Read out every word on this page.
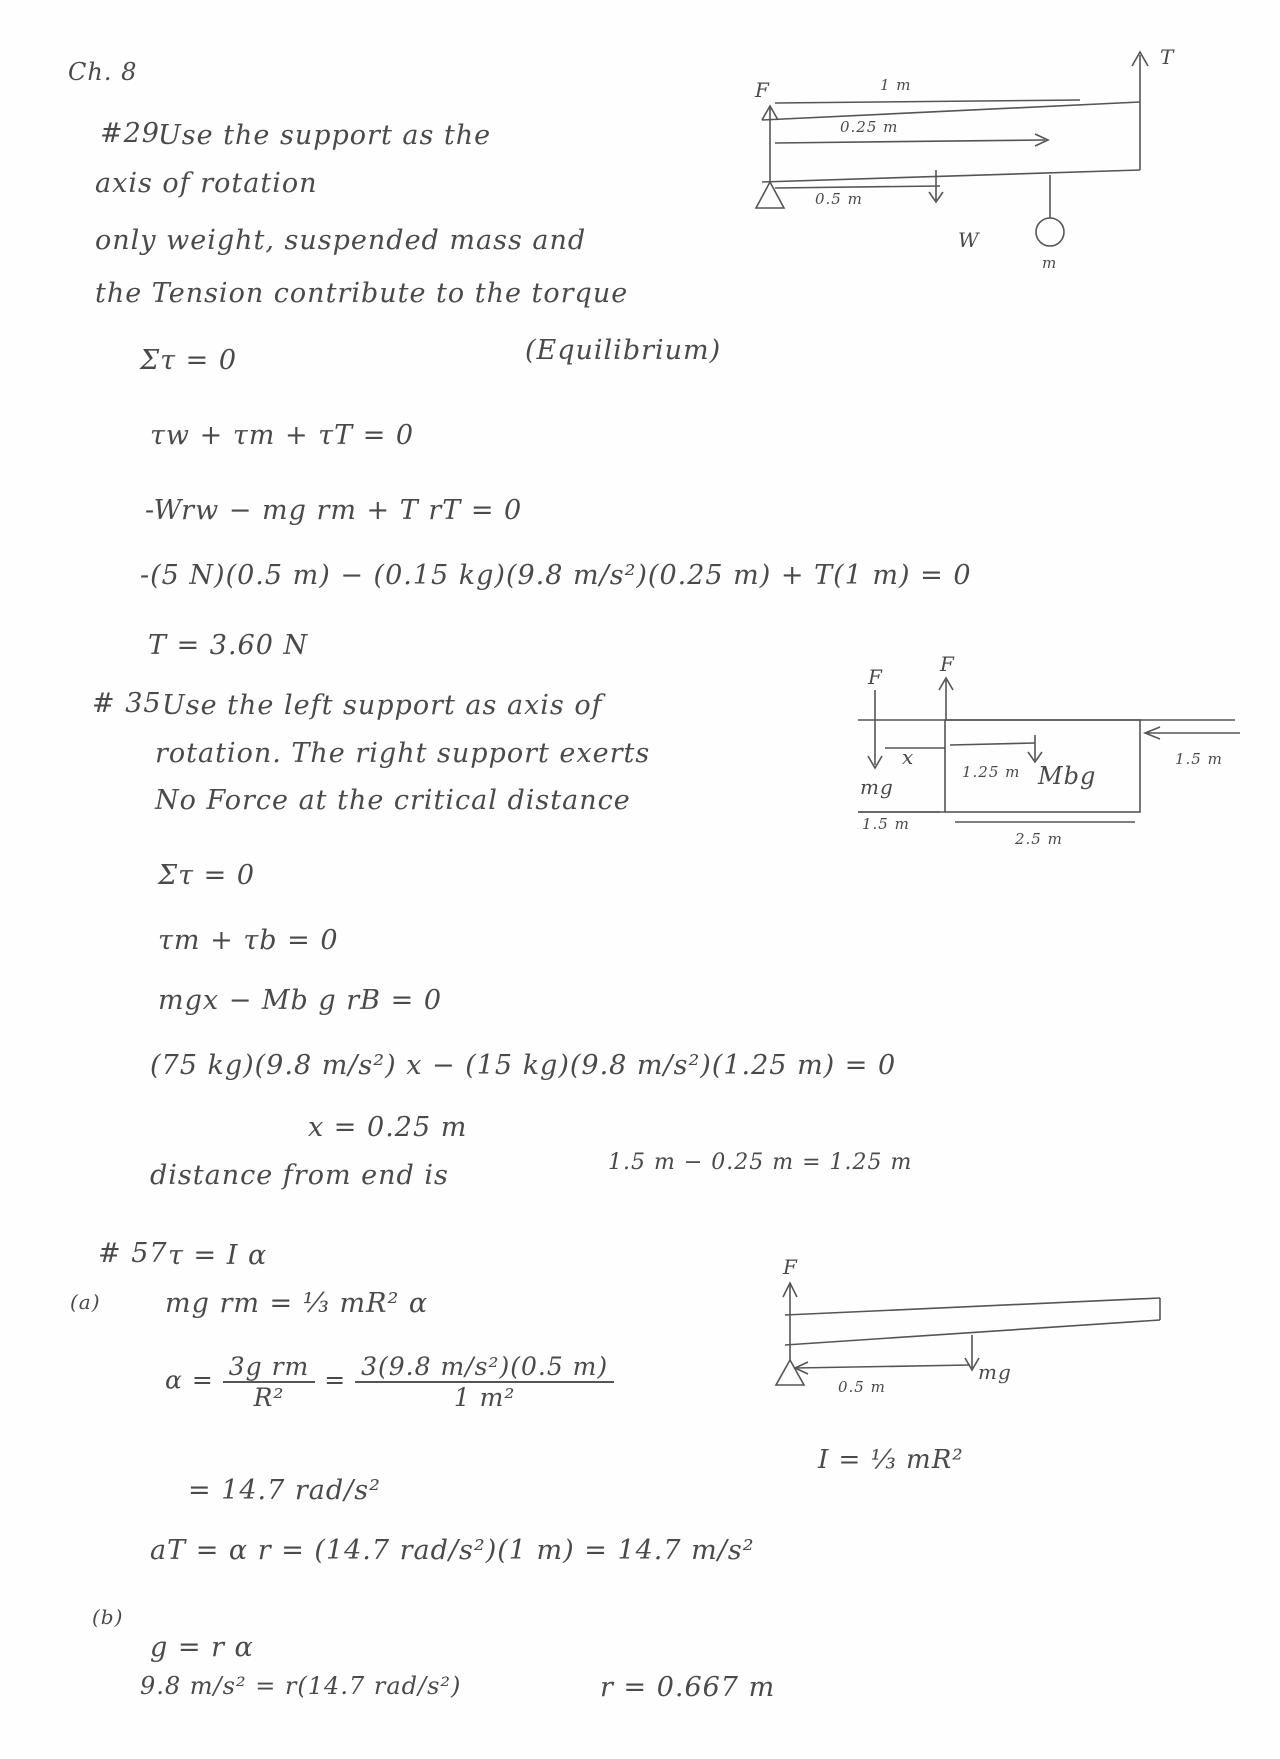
Ch. 8
#29
Use the support as the
axis of rotation
only weight, suspended mass and
the Tension contribute to the torque
Στ = 0	(Equilibrium)
τw + τm + τT = 0
-Wrw − mg rm + T rT = 0
-(5 N)(0.5 m) − (0.15 kg)(9.8 m/s²)(0.25 m) + T(1 m) = 0
T = 3.60 N
F
T
1 m
0.25 m
0.5 m
W
m
# 35 Use the left support as axis of
rotation. The right support exerts
No Force at the critical distance
Στ = 0
τm + τb = 0
mgx − Mb g rB = 0
(75 kg)(9.8 m/s²) x − (15 kg)(9.8 m/s²)(1.25 m) = 0
x = 0.25 m
distance from end is	1.5 m − 0.25 m = 1.25 m
F
F
x
mg
1.25 m Mbg
1.5 m
1.5 m
2.5 m
# 57 τ = I α
(a) mg rm = ⅓ mR² α
$\alpha = \frac{\text{3g rm}}{\text{R²}} = \frac{\text{3(9.8 m/s²)(0.5 m)}}{\text{1 m²}}$
= 14.7 rad/s²
aT = α r = (14.7 rad/s²)(1 m) = 14.7 m/s²
(b)
g = r α
9.8 m/s² = r(14.7 rad/s²)	r = 0.667 m
F
0.5 m
mg
I = ⅓ mR²
